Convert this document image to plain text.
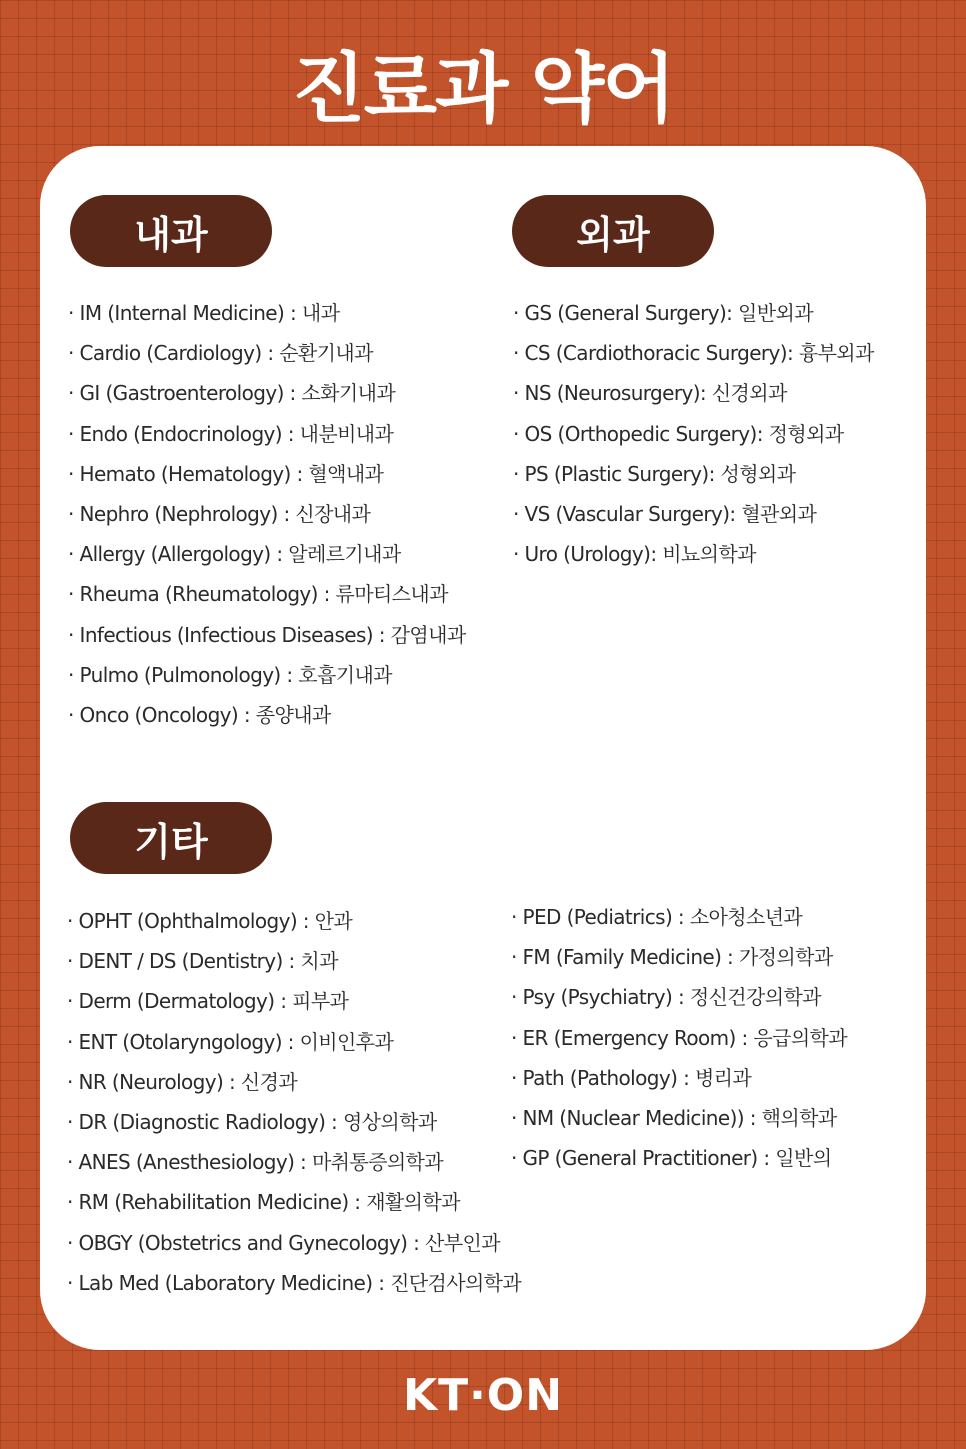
진료과 약어
내과
· IM (Internal Medicine) : 내과
· Cardio (Cardiology) : 순환기내과
· GI (Gastroenterology) : 소화기내과
· Endo (Endocrinology) : 내분비내과
· Hemato (Hematology) : 혈액내과
· Nephro (Nephrology) : 신장내과
· Allergy (Allergology) : 알레르기내과
· Rheuma (Rheumatology) : 류마티스내과
· Infectious (Infectious Diseases) : 감염내과
· Pulmo (Pulmonology) : 호흡기내과
· Onco (Oncology) : 종양내과
외과
· GS (General Surgery): 일반외과
· CS (Cardiothoracic Surgery): 흉부외과
· NS (Neurosurgery): 신경외과
· OS (Orthopedic Surgery): 정형외과
· PS (Plastic Surgery): 성형외과
· VS (Vascular Surgery): 혈관외과
· Uro (Urology): 비뇨의학과
기타
· OPHT (Ophthalmology) : 안과
· DENT / DS (Dentistry) : 치과
· Derm (Dermatology) : 피부과
· ENT (Otolaryngology) : 이비인후과
· NR (Neurology) : 신경과
· DR (Diagnostic Radiology) : 영상의학과
· ANES (Anesthesiology) : 마취통증의학과
· RM (Rehabilitation Medicine) : 재활의학과
· OBGY (Obstetrics and Gynecology) : 산부인과
· Lab Med (Laboratory Medicine) : 진단검사의학과
· PED (Pediatrics) : 소아청소년과
· FM (Family Medicine) : 가정의학과
· Psy (Psychiatry) : 정신건강의학과
· ER (Emergency Room) : 응급의학과
· Path (Pathology) : 병리과
· NM (Nuclear Medicine)) : 핵의학과
· GP (General Practitioner) : 일반의
KT·ON
